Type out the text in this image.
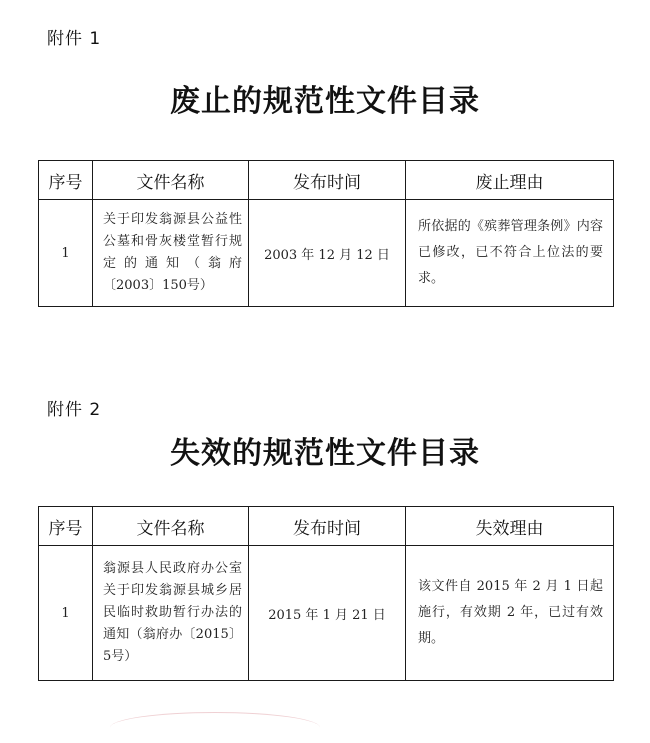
附件 1
废止的规范性文件目录
序号	文件名称	发布时间	废止理由
1	关于印发翁源县公益性公墓和骨灰楼堂暂行规定的通知（翁府〔2003〕150号）	2003 年 12 月 12 日	所依据的《殡葬管理条例》内容已修改，已不符合上位法的要求。
附件 2
失效的规范性文件目录
序号	文件名称	发布时间	失效理由
1	翁源县人民政府办公室关于印发翁源县城乡居民临时救助暂行办法的通知（翁府办〔2015〕5号）	2015 年 1 月 21 日	该文件自 2015 年 2 月 1 日起施行，有效期 2 年，已过有效期。
